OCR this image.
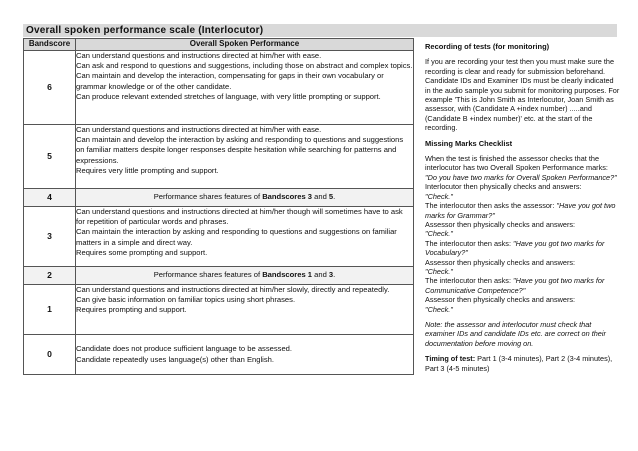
Overall spoken performance scale (Interlocutor)
Bandscore	Overall Spoken Performance
6	Can understand questions and instructions directed at him/her with ease.
Can ask and respond to questions and suggestions, including those on abstract and complex topics. Can maintain and develop the interaction, compensating for gaps in their own vocabulary or grammar knowledge or of the other candidate.
Can produce relevant extended stretches of language, with very little prompting or support.

5	Can understand questions and instructions directed at him/her with ease.
Can maintain and develop the interaction by asking and responding to questions and suggestions on familiar matters despite longer responses despite hesitation while searching for patterns and expressions.
Requires very little prompting and support.

4	Performance shares features of Bandscores 3 and 5.
3	Can understand questions and instructions directed at him/her though will sometimes have to ask for repetition of particular words and phrases.
Can maintain the interaction by asking and responding to questions and suggestions on familiar matters in a simple and direct way.
Requires some prompting and support.

2	Performance shares features of Bandscores 1 and 3.
1	Can understand questions and instructions directed at him/her slowly, directly and repeatedly.
Can give basic information on familiar topics using short phrases.
Requires prompting and support.

0	Candidate does not produce sufficient language to be assessed.
Candidate repeatedly uses language(s) other than English.
Recording of tests (for monitoring)
If you are recording your test then you must make sure the recording is clear and ready for submission beforehand. Candidate IDs and Examiner IDs must be clearly indicated in the audio sample you submit for monitoring purposes. For example 'This is John Smith as Interlocutor, Joan Smith as assessor, with (Candidate A +index number) .....and (Candidate B +index number)' etc. at the start of the recording.
Missing Marks Checklist
When the test is finished the assessor checks that the interlocutor has two Overall Spoken Performance marks: "Do you have two marks for Overall Spoken Performance?"
Interlocutor then physically checks and answers:
"Check."
The interlocutor then asks the assessor: "Have you got two marks for Grammar?"
Assessor then physically checks and answers:
"Check."
The interlocutor then asks: "Have you got two marks for Vocabulary?"
Assessor then physically checks and answers:
"Check."
The interlocutor then asks: "Have you got two marks for Communicative Competence?"
Assessor then physically checks and answers:
"Check."
Note: the assessor and interlocutor must check that examiner IDs and candidate IDs etc. are correct on their documentation before moving on.
Timing of test: Part 1 (3-4 minutes), Part 2 (3-4 minutes), Part 3 (4-5 minutes)
